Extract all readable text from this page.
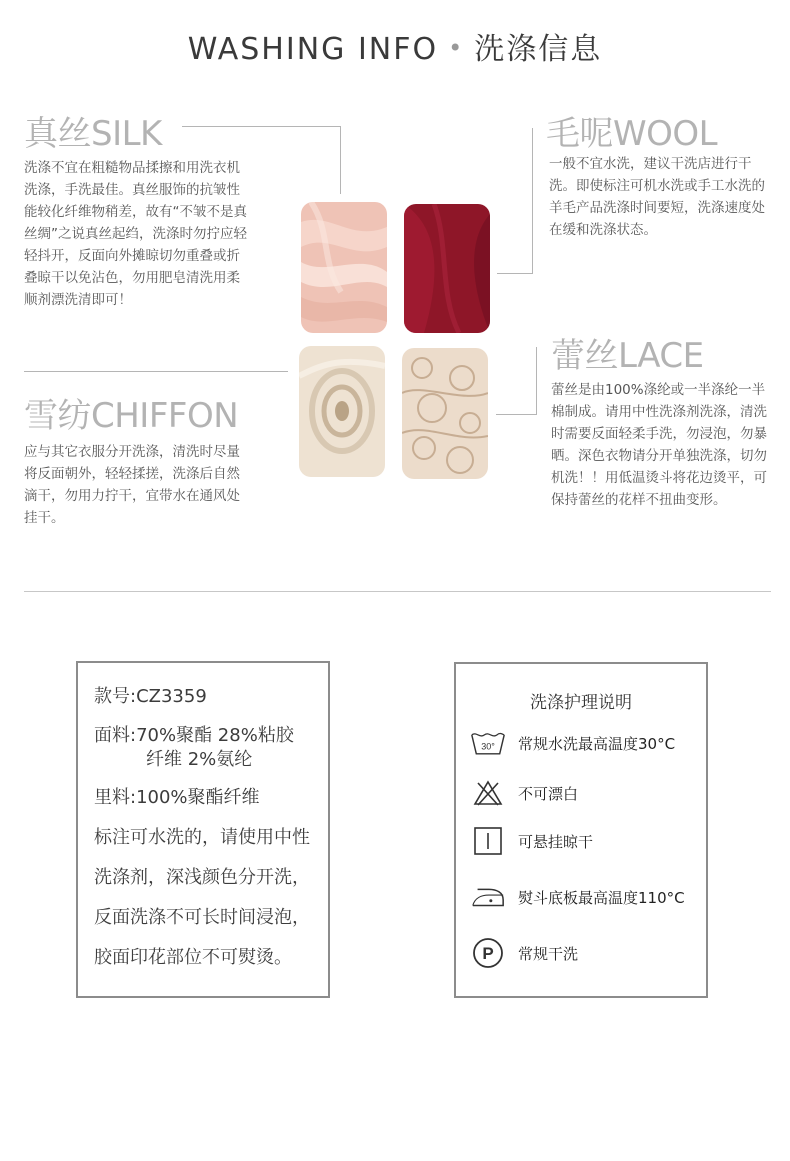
WASHING INFO • 洗涤信息
真丝SILK
洗涤不宜在粗糙物品揉擦和用洗衣机洗涤，手洗最佳。真丝服饰的抗皱性能较化纤维物稍差，故有“不皱不是真丝绸”之说真丝起绉，洗涤时勿拧应轻轻抖开，反面向外摊晾切勿重叠或折叠晾干以免沾色，勿用肥皂清洗用柔顺剂漂洗清即可！
毛呢WOOL
一般不宜水洗，建议干洗店进行干洗。即使标注可机水洗或手工水洗的羊毛产品洗涤时间要短，洗涤速度处在缓和洗涤状态。
雪纺CHIFFON
应与其它衣服分开洗涤，清洗时尽量将反面朝外，轻轻揉搓，洗涤后自然滴干，勿用力拧干，宜带水在通风处挂干。
蕾丝LACE
蕾丝是由100%涤纶或一半涤纶一半棉制成。请用中性洗涤剂洗涤，清洗时需要反面轻柔手洗，勿浸泡，勿暴晒。深色衣物请分开单独洗涤，切勿机洗！！用低温烫斗将花边烫平，可保持蕾丝的花样不扭曲变形。
款号:CZ3359
面料:70%聚酯 28%粘胶
纤维 2%氨纶
里料:100%聚酯纤维
标注可水洗的，请使用中性
洗涤剂，深浅颜色分开洗，
反面洗涤不可长时间浸泡，
胶面印花部位不可熨烫。
洗涤护理说明
30° 常规水洗最高温度30°C
不可漂白
可悬挂晾干
熨斗底板最高温度110°C
P 常规干洗
